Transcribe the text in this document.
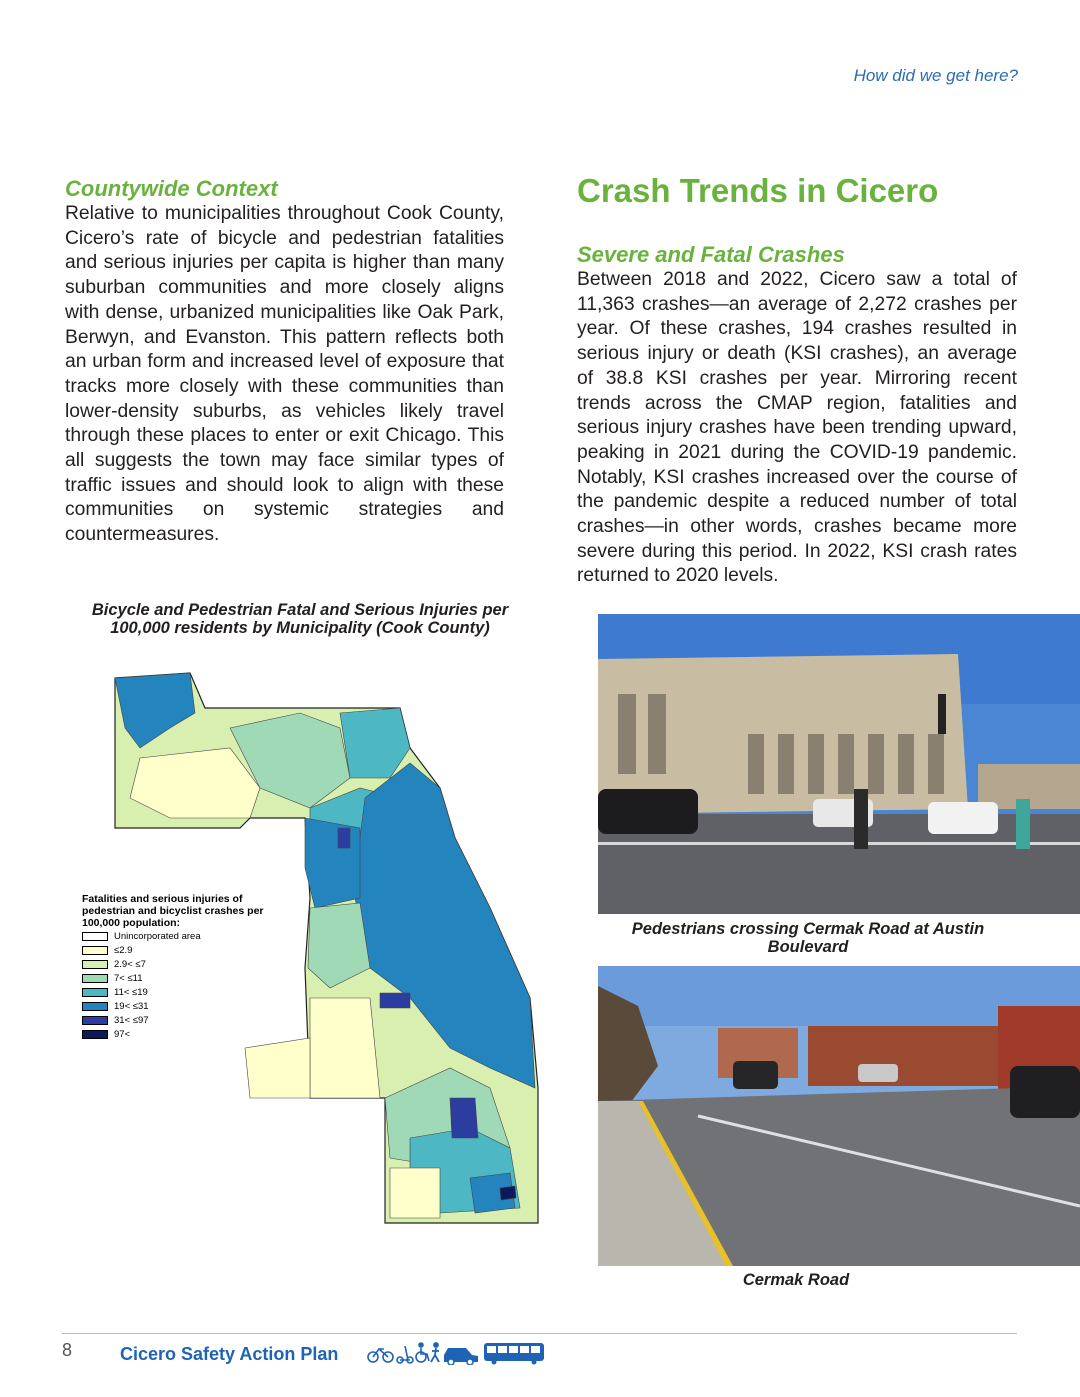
How did we get here?
Countywide Context

Relative to municipalities throughout Cook County, Cicero’s rate of bicycle and pedestrian fatalities and serious injuries per capita is higher than many suburban communities and more closely aligns with dense, urbanized municipalities like Oak Park, Berwyn, and Evanston. This pattern reflects both an urban form and increased level of exposure that tracks more closely with these communities than lower-density suburbs, as vehicles likely travel through these places to enter or exit Chicago. This all suggests the town may face similar types of traffic issues and should look to align with these communities on systemic strategies and countermeasures.

Crash Trends in Cicero
Severe and Fatal Crashes

Between 2018 and 2022, Cicero saw a total of 11,363 crashes—an average of 2,272 crashes per year. Of these crashes, 194 crashes resulted in serious injury or death (KSI crashes), an average of 38.8 KSI crashes per year. Mirroring recent trends across the CMAP region, fatalities and serious injury crashes have been trending upward, peaking in 2021 during the COVID-19 pandemic. Notably, KSI crashes increased over the course of the pandemic despite a reduced number of total crashes—in other words, crashes became more severe during this period. In 2022, KSI crash rates returned to 2020 levels.

Bicycle and Pedestrian Fatal and Serious Injuries per 100,000 residents by Municipality (Cook County)
Fatalities and serious injuries of pedestrian and bicyclist crashes per 100,000 population:
Unincorporated area
≤2.9
2.9< ≤7
7< ≤11
11< ≤19
19< ≤31
31< ≤97
97<
Pedestrians crossing Cermak Road at Austin Boulevard
Cermak Road
8	Cicero Safety Action Plan
